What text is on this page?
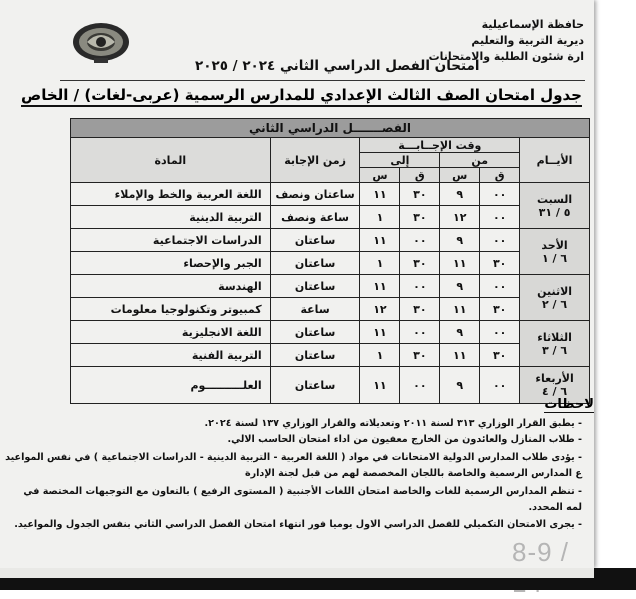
حافظة الإسماعيلية
ديرية التربية والتعليم
ارة شئون الطلبة والامتحانات
امتحان الفصل الدراسي الثاني ٢٠٢٤ / ٢٠٢٥
جدول امتحان الصف الثالث الإعدادي للمدارس الرسمية (عربى-لغات) / الخاص
الفصـــــــل الدراسي الثاني						
الأيــام	وقت الإجــابـــة				زمن الإجابة	المادة
	من		إلى			
	ق	س	ق	س		

السبت
٥ / ٣١	٠٠	٩	٣٠	١١	ساعتان ونصف	اللغة العربية والخط والإملاء
	٠٠	١٢	٣٠	١	ساعة ونصف	التربية الدينية

الأحد
٦ / ١	٠٠	٩	٠٠	١١	ساعتان	الدراسات الاجتماعية
	٣٠	١١	٣٠	١	ساعتان	الجبر والإحصاء

الاثنين
٦ / ٢	٠٠	٩	٠٠	١١	ساعتان	الهندسة
	٣٠	١١	٣٠	١٢	ساعة	كمبيوتر وتكنولوجيا معلومات

الثلاثاء
٦ / ٣	٠٠	٩	٠٠	١١	ساعتان	اللغة الانجليزية
	٣٠	١١	٣٠	١	ساعتان	التربية الفنية

الأربعاء
٦ / ٤	٠٠	٩	٠٠	١١	ساعتان	العلــــــــــوم
لاحظات
- يطبق القرار الوزاري ٣١٣ لسنة ٢٠١١ وتعديلاته والقرار الوزاري ١٣٧ لسنة ٢٠٢٤.
- طلاب المنازل والعائدون من الخارج معفيون من اداء امتحان الحاسب الالي.
- يؤدى طلاب المدارس الدولية الامتحانات في مواد ( اللغة العربية - التربية الدينية - الدراسات الاجتماعية ) في نفس المواعيد
ع المدارس الرسمية والخاصة باللجان المخصصة لهم من قبل لجنة الإدارة
- تنظم المدارس الرسمية للغات والخاصة امتحان اللغات الأجنبية ( المستوى الرفيع ) بالتعاون مع التوجيهات المختصة في
لمه المحدد.
- يجرى الامتحان التكميلي للفصل الدراسي الاول يوميا فور انتهاء امتحان الفصل الدراسي الثاني بنفس الجدول والمواعيد.
8-9 /
